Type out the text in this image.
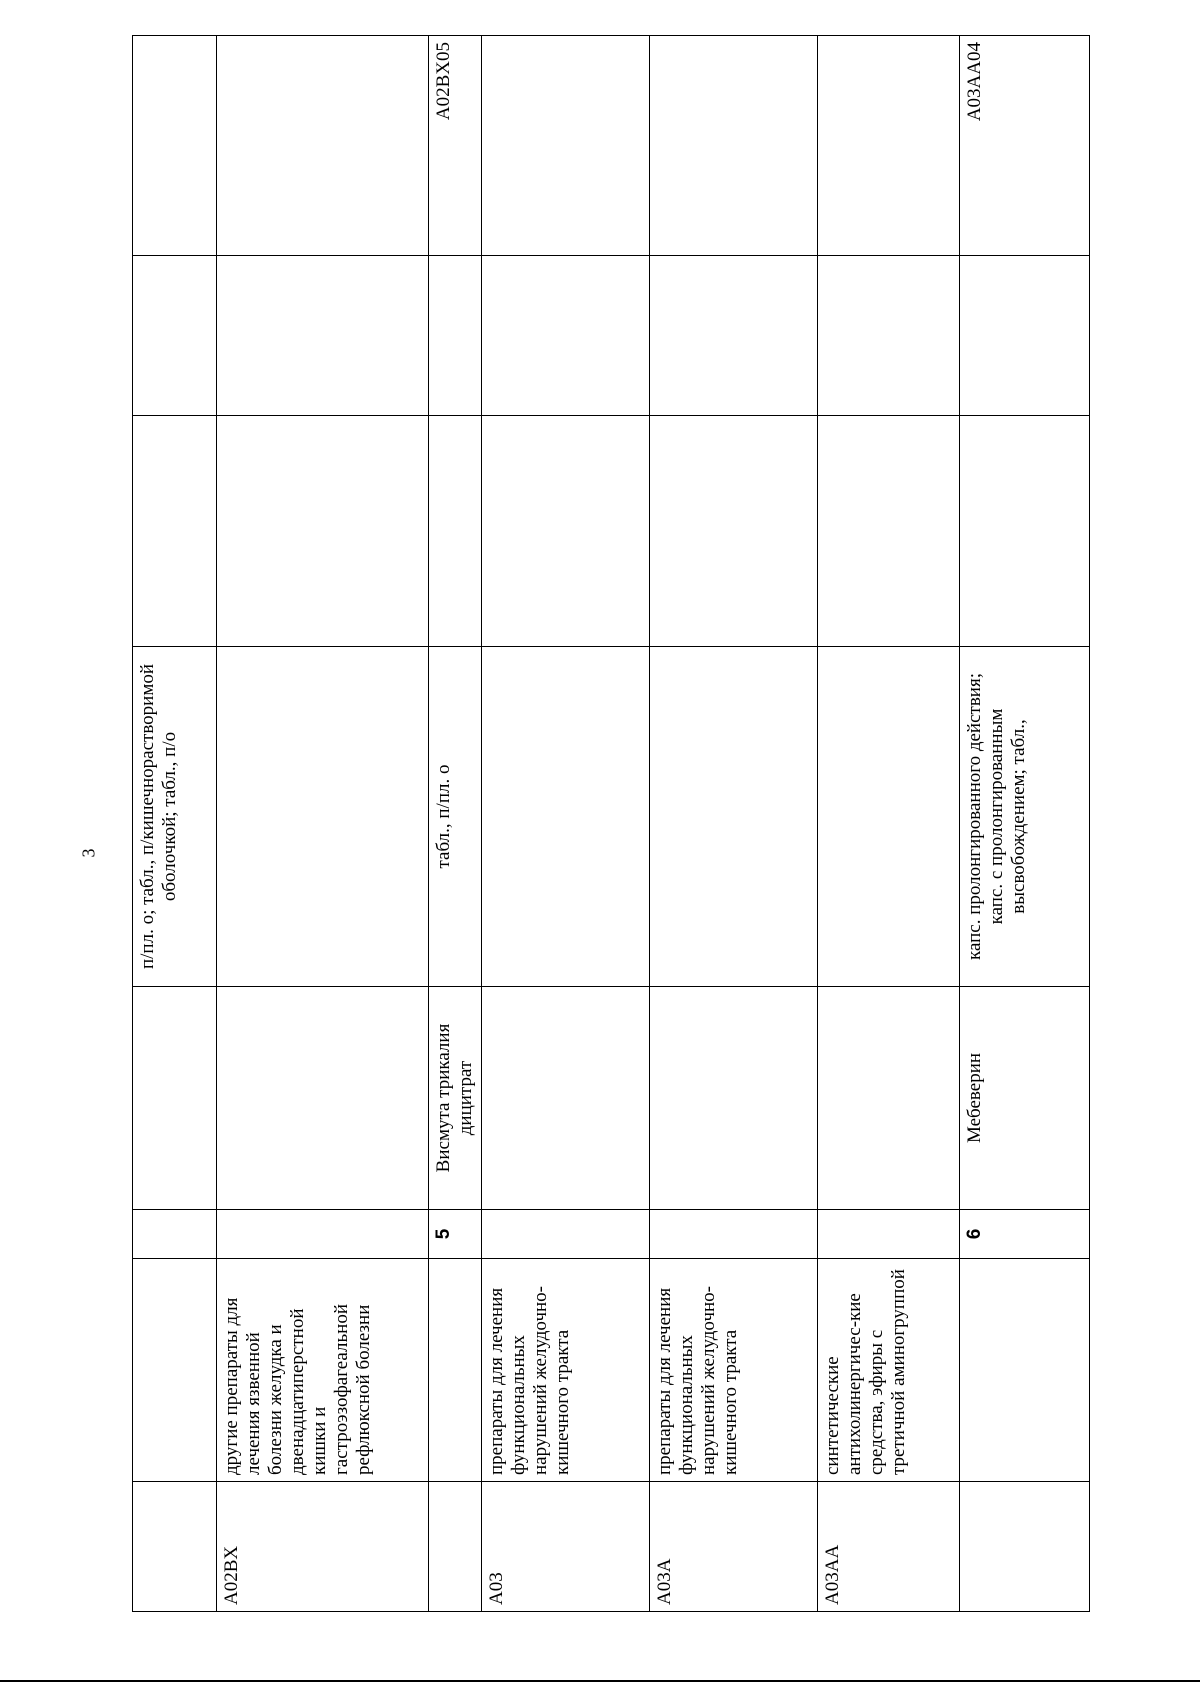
3
				п/пл. о; табл., п/кишечнорастворимой оболочкой; табл., п/о			
A02BX	другие препараты для лечения язвенной болезни желудка и двенадцатиперстной кишки и гастроэзофагеальной рефлюксной болезни						
		5	Висмута трикалия дицитрат	табл., п/пл. о			A02BX05
A03	препараты для лечения функциональных нарушений желудочно-кишечного тракта						
A03A	препараты для лечения функциональных нарушений желудочно-кишечного тракта						
A03AA	синтетические антихолинергичес-кие средства, эфиры с третичной аминогруппой						
		6	Мебеверин	капс. пролонгированного действия; капс. с пролонгированным высвобождением; табл.,			A03AA04
